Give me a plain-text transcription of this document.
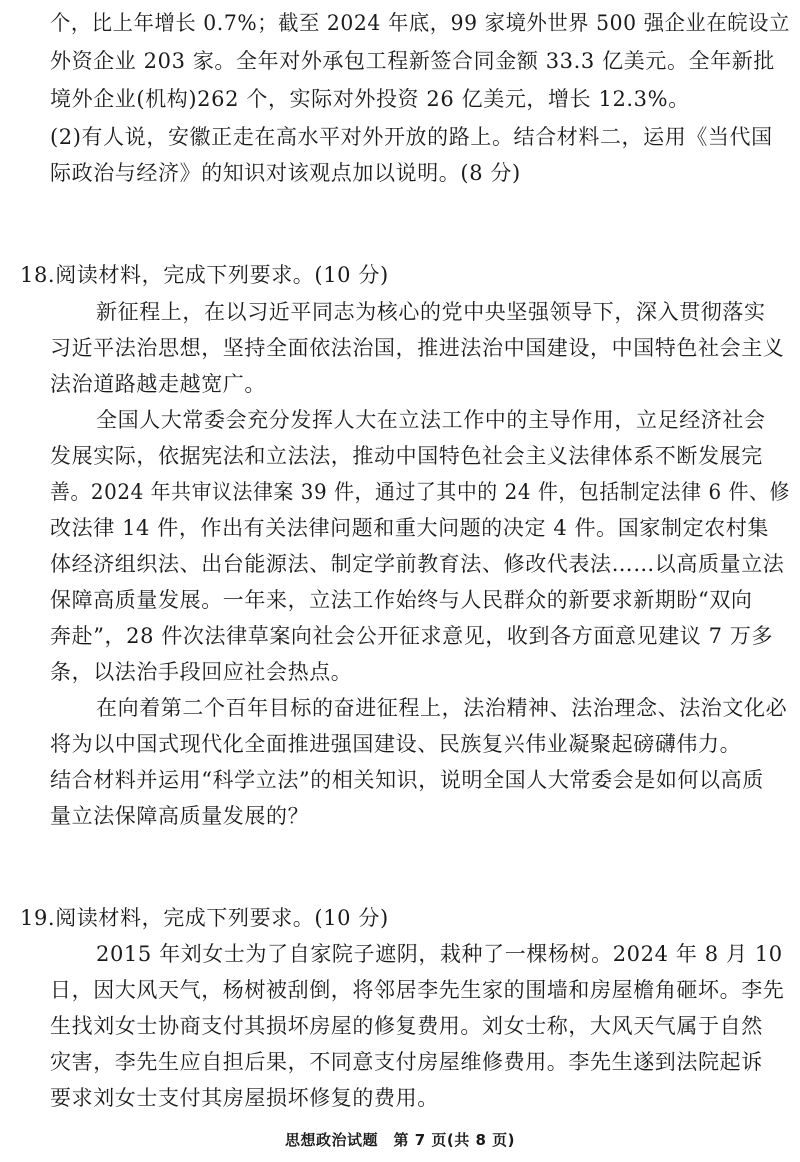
个，比上年增长 0.7%；截至 2024 年底，99 家境外世界 500 强企业在皖设立
外资企业 203 家。全年对外承包工程新签合同金额 33.3 亿美元。全年新批
境外企业(机构)262 个，实际对外投资 26 亿美元，增长 12.3%。
(2)有人说，安徽正走在高水平对外开放的路上。结合材料二，运用《当代国
际政治与经济》的知识对该观点加以说明。(8 分)
18.阅读材料，完成下列要求。(10 分)
新征程上，在以习近平同志为核心的党中央坚强领导下，深入贯彻落实
习近平法治思想，坚持全面依法治国，推进法治中国建设，中国特色社会主义
法治道路越走越宽广。
全国人大常委会充分发挥人大在立法工作中的主导作用，立足经济社会
发展实际，依据宪法和立法法，推动中国特色社会主义法律体系不断发展完
善。2024 年共审议法律案 39 件，通过了其中的 24 件，包括制定法律 6 件、修
改法律 14 件，作出有关法律问题和重大问题的决定 4 件。国家制定农村集
体经济组织法、出台能源法、制定学前教育法、修改代表法……以高质量立法
保障高质量发展。一年来，立法工作始终与人民群众的新要求新期盼“双向
奔赴”，28 件次法律草案向社会公开征求意见，收到各方面意见建议 7 万多
条，以法治手段回应社会热点。
在向着第二个百年目标的奋进征程上，法治精神、法治理念、法治文化必
将为以中国式现代化全面推进强国建设、民族复兴伟业凝聚起磅礴伟力。
结合材料并运用“科学立法”的相关知识，说明全国人大常委会是如何以高质
量立法保障高质量发展的？
19.阅读材料，完成下列要求。(10 分)
2015 年刘女士为了自家院子遮阴，栽种了一棵杨树。2024 年 8 月 10
日，因大风天气，杨树被刮倒，将邻居李先生家的围墙和房屋檐角砸坏。李先
生找刘女士协商支付其损坏房屋的修复费用。刘女士称，大风天气属于自然
灾害，李先生应自担后果，不同意支付房屋维修费用。李先生遂到法院起诉
要求刘女士支付其房屋损坏修复的费用。
思想政治试题　第 7 页(共 8 页)
